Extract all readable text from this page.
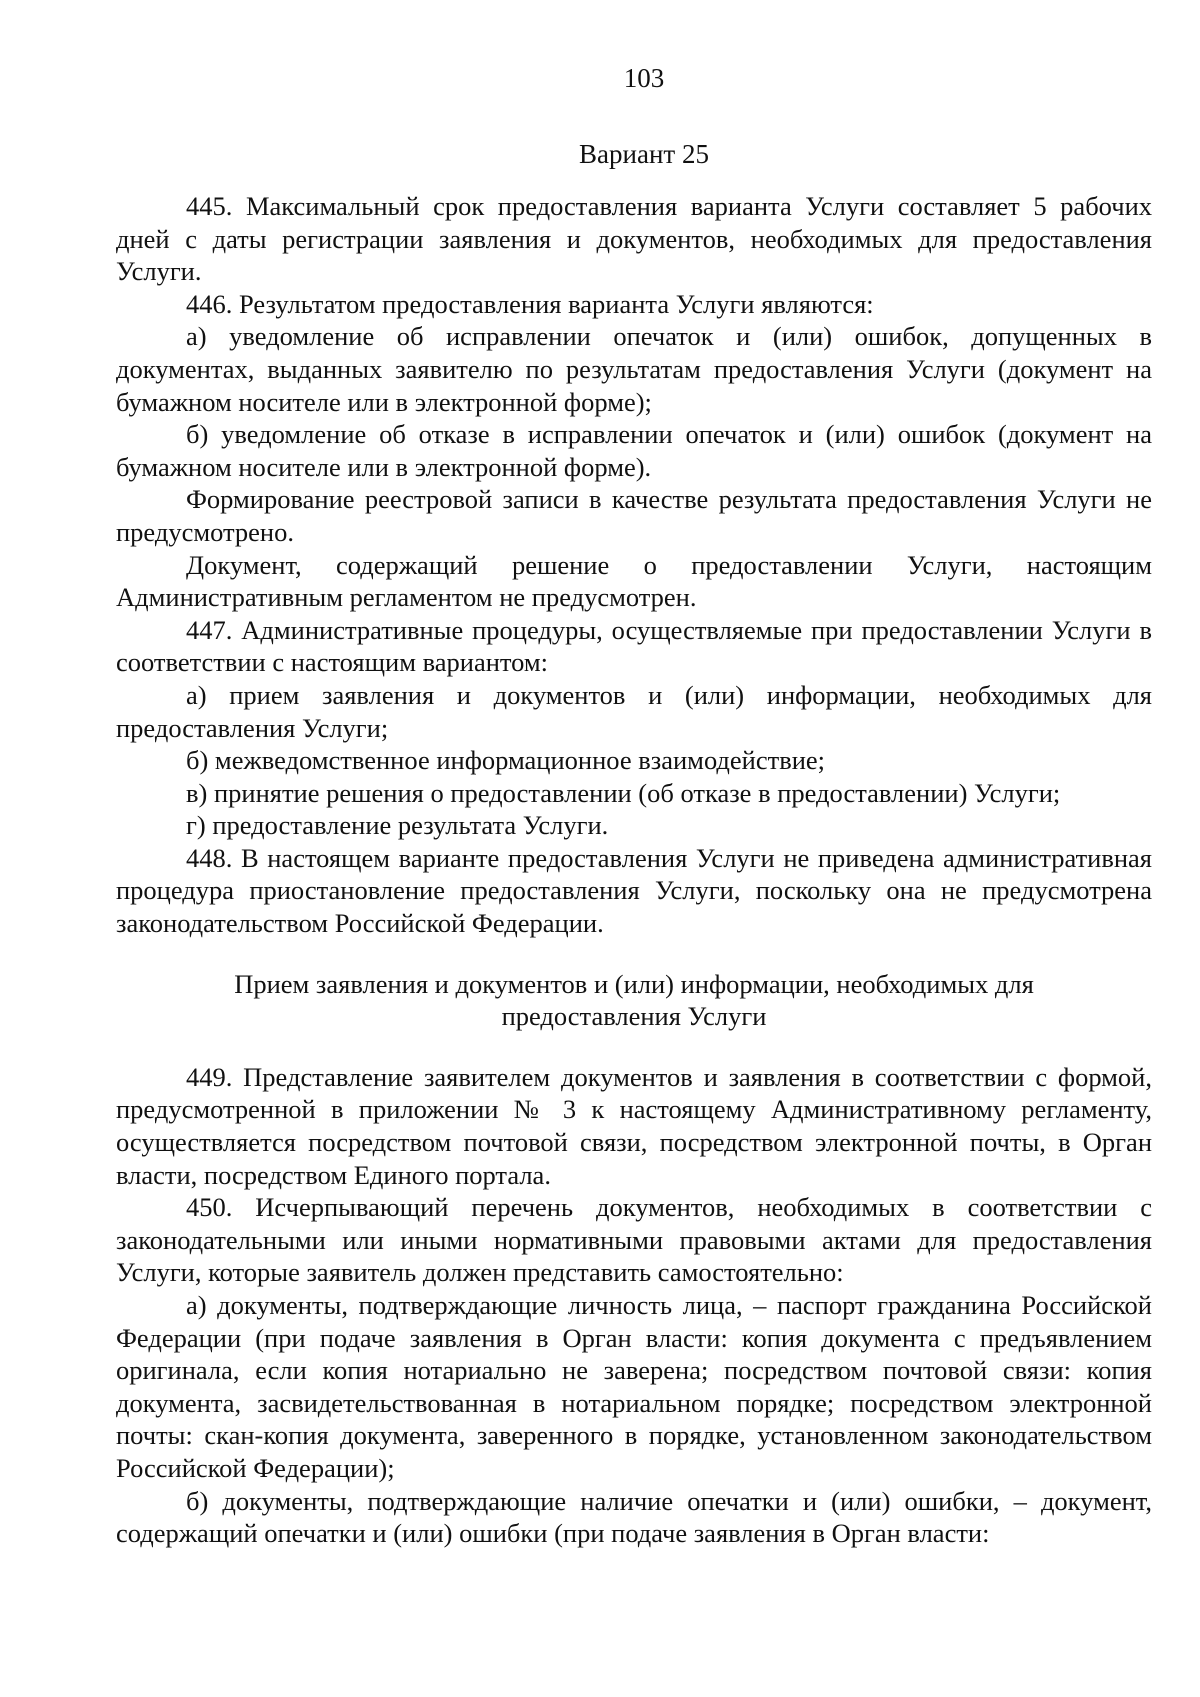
103
Вариант 25

445. Максимальный срок предоставления варианта Услуги составляет 5 рабочих дней с даты регистрации заявления и документов, необходимых для предоставления Услуги.

446. Результатом предоставления варианта Услуги являются:

а) уведомление об исправлении опечаток и (или) ошибок, допущенных в документах, выданных заявителю по результатам предоставления Услуги (документ на бумажном носителе или в электронной форме);

б) уведомление об отказе в исправлении опечаток и (или) ошибок (документ на бумажном носителе или в электронной форме).

Формирование реестровой записи в качестве результата предоставления Услуги не предусмотрено.

Документ, содержащий решение о предоставлении Услуги, настоящим Административным регламентом не предусмотрен.

447. Административные процедуры, осуществляемые при предоставлении Услуги в соответствии с настоящим вариантом:

а) прием заявления и документов и (или) информации, необходимых для предоставления Услуги;

б) межведомственное информационное взаимодействие;

в) принятие решения о предоставлении (об отказе в предоставлении) Услуги;

г) предоставление результата Услуги.

448. В настоящем варианте предоставления Услуги не приведена административная процедура приостановление предоставления Услуги, поскольку она не предусмотрена законодательством Российской Федерации.

Прием заявления и документов и (или) информации, необходимых для предоставления Услуги

449. Представление заявителем документов и заявления в соответствии с формой, предусмотренной в приложении № 3 к настоящему Административному регламенту, осуществляется посредством почтовой связи, посредством электронной почты, в Орган власти, посредством Единого портала.

450. Исчерпывающий перечень документов, необходимых в соответствии с законодательными или иными нормативными правовыми актами для предоставления Услуги, которые заявитель должен представить самостоятельно:

а) документы, подтверждающие личность лица, – паспорт гражданина Российской Федерации (при подаче заявления в Орган власти: копия документа с предъявлением оригинала, если копия нотариально не заверена; посредством почтовой связи: копия документа, засвидетельствованная в нотариальном порядке; посредством электронной почты: скан-копия документа, заверенного в порядке, установленном законодательством Российской Федерации);

б) документы, подтверждающие наличие опечатки и (или) ошибки, – документ, содержащий опечатки и (или) ошибки (при подаче заявления в Орган власти:
